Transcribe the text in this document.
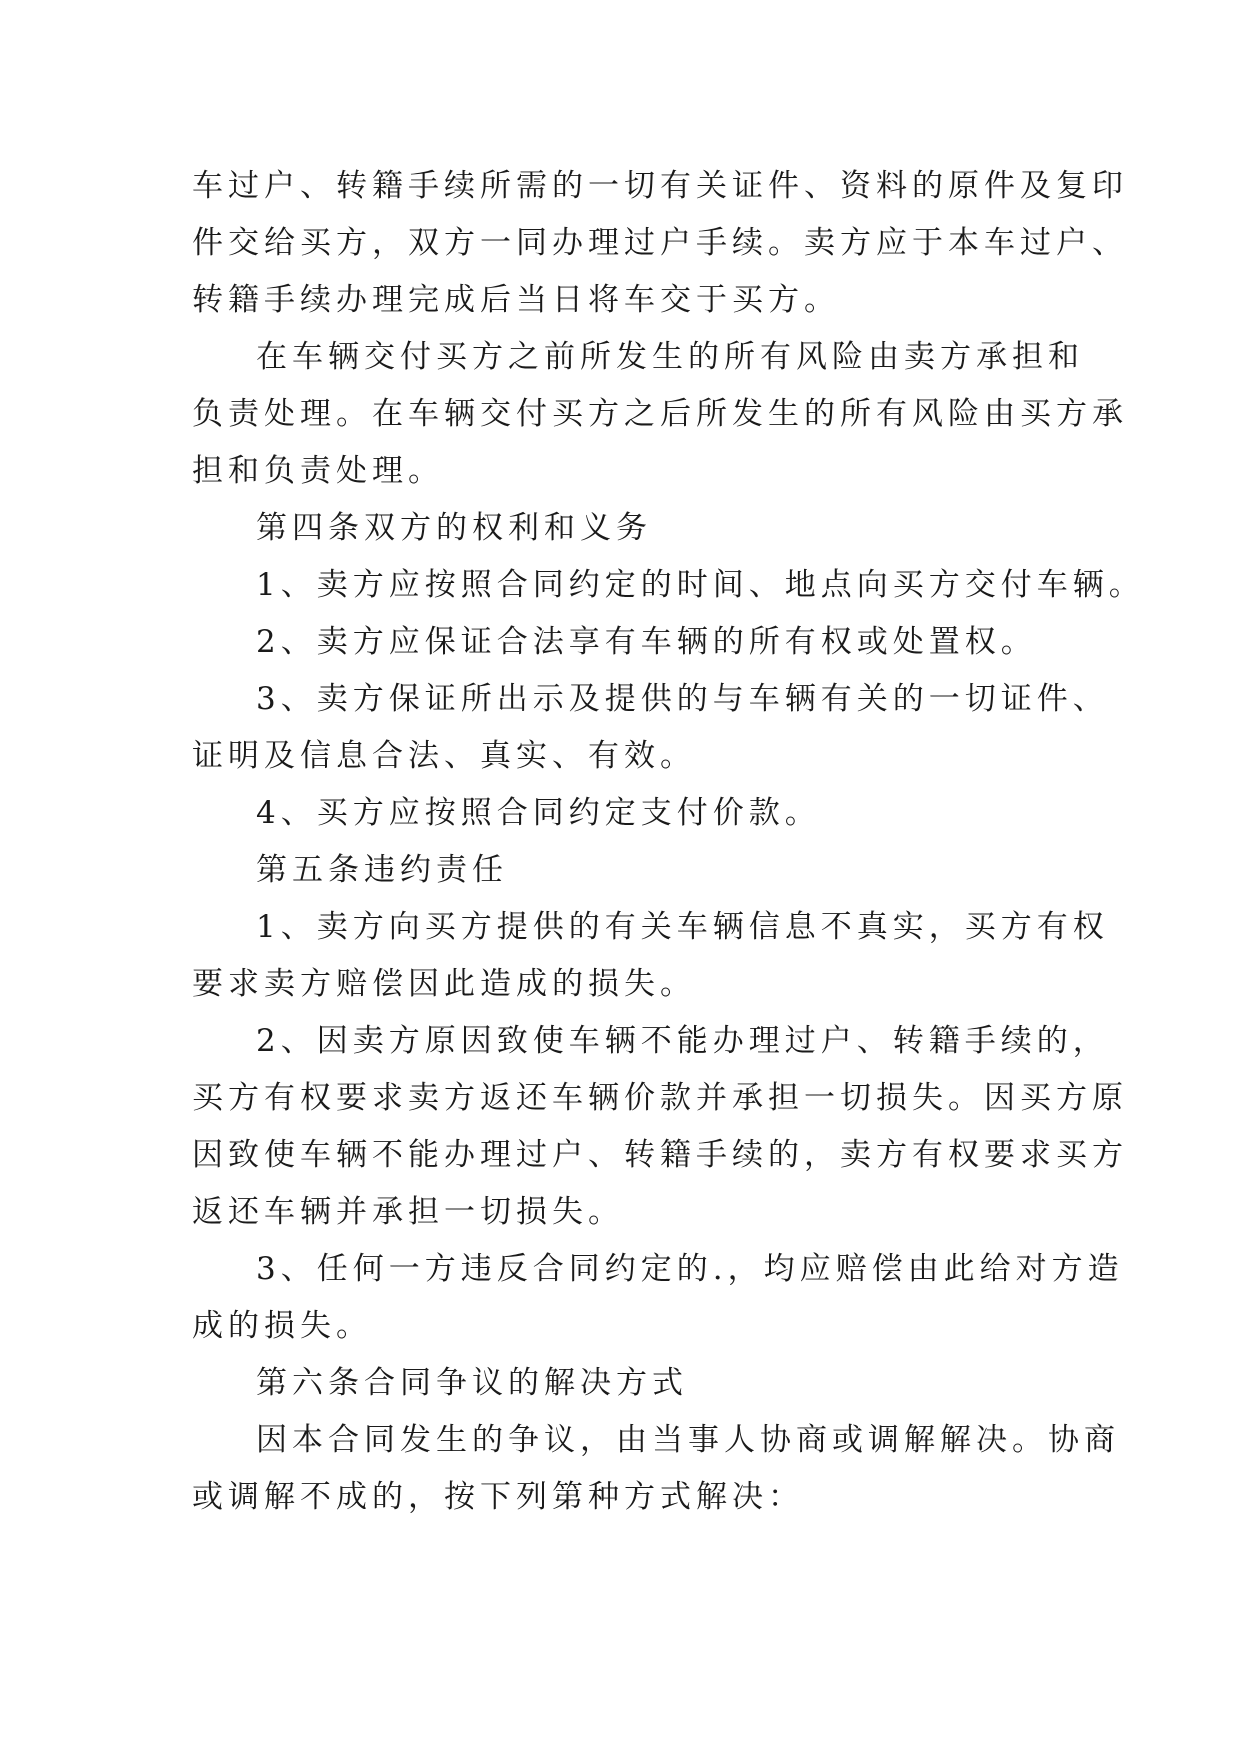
车过户、转籍手续所需的一切有关证件、资料的原件及复印
件交给买方，双方一同办理过户手续。卖方应于本车过户、
转籍手续办理完成后当日将车交于买方。
在车辆交付买方之前所发生的所有风险由卖方承担和
负责处理。在车辆交付买方之后所发生的所有风险由买方承
担和负责处理。
第四条双方的权利和义务
1、卖方应按照合同约定的时间、地点向买方交付车辆。
2、卖方应保证合法享有车辆的所有权或处置权。
3、卖方保证所出示及提供的与车辆有关的一切证件、
证明及信息合法、真实、有效。
4、买方应按照合同约定支付价款。
第五条违约责任
1、卖方向买方提供的有关车辆信息不真实，买方有权
要求卖方赔偿因此造成的损失。
2、因卖方原因致使车辆不能办理过户、转籍手续的，
买方有权要求卖方返还车辆价款并承担一切损失。因买方原
因致使车辆不能办理过户、转籍手续的，卖方有权要求买方
返还车辆并承担一切损失。
3、任何一方违反合同约定的.，均应赔偿由此给对方造
成的损失。
第六条合同争议的解决方式
因本合同发生的争议，由当事人协商或调解解决。协商
或调解不成的，按下列第种方式解决：
